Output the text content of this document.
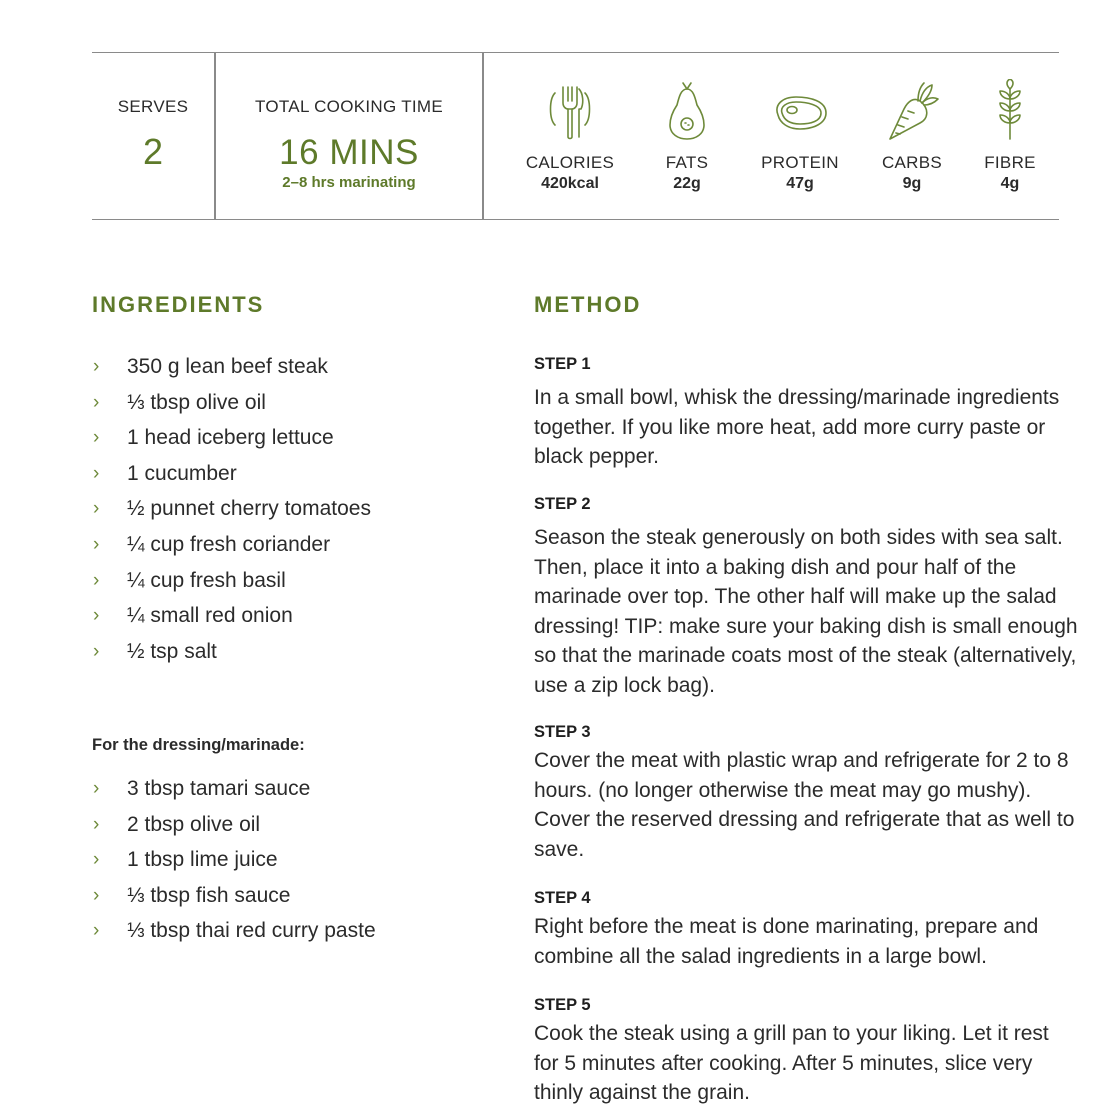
SERVES
2
TOTAL COOKING TIME
16 MINS
2–8 hrs marinating
CALORIES
420kcal
FATS
22g
PROTEIN
47g
CARBS
9g
FIBRE
4g
INGREDIENTS
› 350 g lean beef steak
› ⅓ tbsp olive oil
› 1 head iceberg lettuce
› 1 cucumber
› ½ punnet cherry tomatoes
› ¼ cup fresh coriander
› ¼ cup fresh basil
› ¼ small red onion
› ½ tsp salt
For the dressing/marinade:
› 3 tbsp tamari sauce
› 2 tbsp olive oil
› 1 tbsp lime juice
› ⅓ tbsp fish sauce
› ⅓ tbsp thai red curry paste
METHOD
STEP 1
In a small bowl, whisk the dressing/marinade ingredients together. If you like more heat, add more curry paste or black pepper.
STEP 2
Season the steak generously on both sides with sea salt. Then, place it into a baking dish and pour half of the marinade over top. The other half will make up the salad dressing! TIP: make sure your baking dish is small enough so that the marinade coats most of the steak (alternatively, use a zip lock bag).
STEP 3
Cover the meat with plastic wrap and refrigerate for 2 to 8 hours. (no longer otherwise the meat may go mushy). Cover the reserved dressing and refrigerate that as well to save.
STEP 4
Right before the meat is done marinating, prepare and combine all the salad ingredients in a large bowl.
STEP 5
Cook the steak using a grill pan to your liking. Let it rest for 5 minutes after cooking. After 5 minutes, slice very thinly against the grain.
